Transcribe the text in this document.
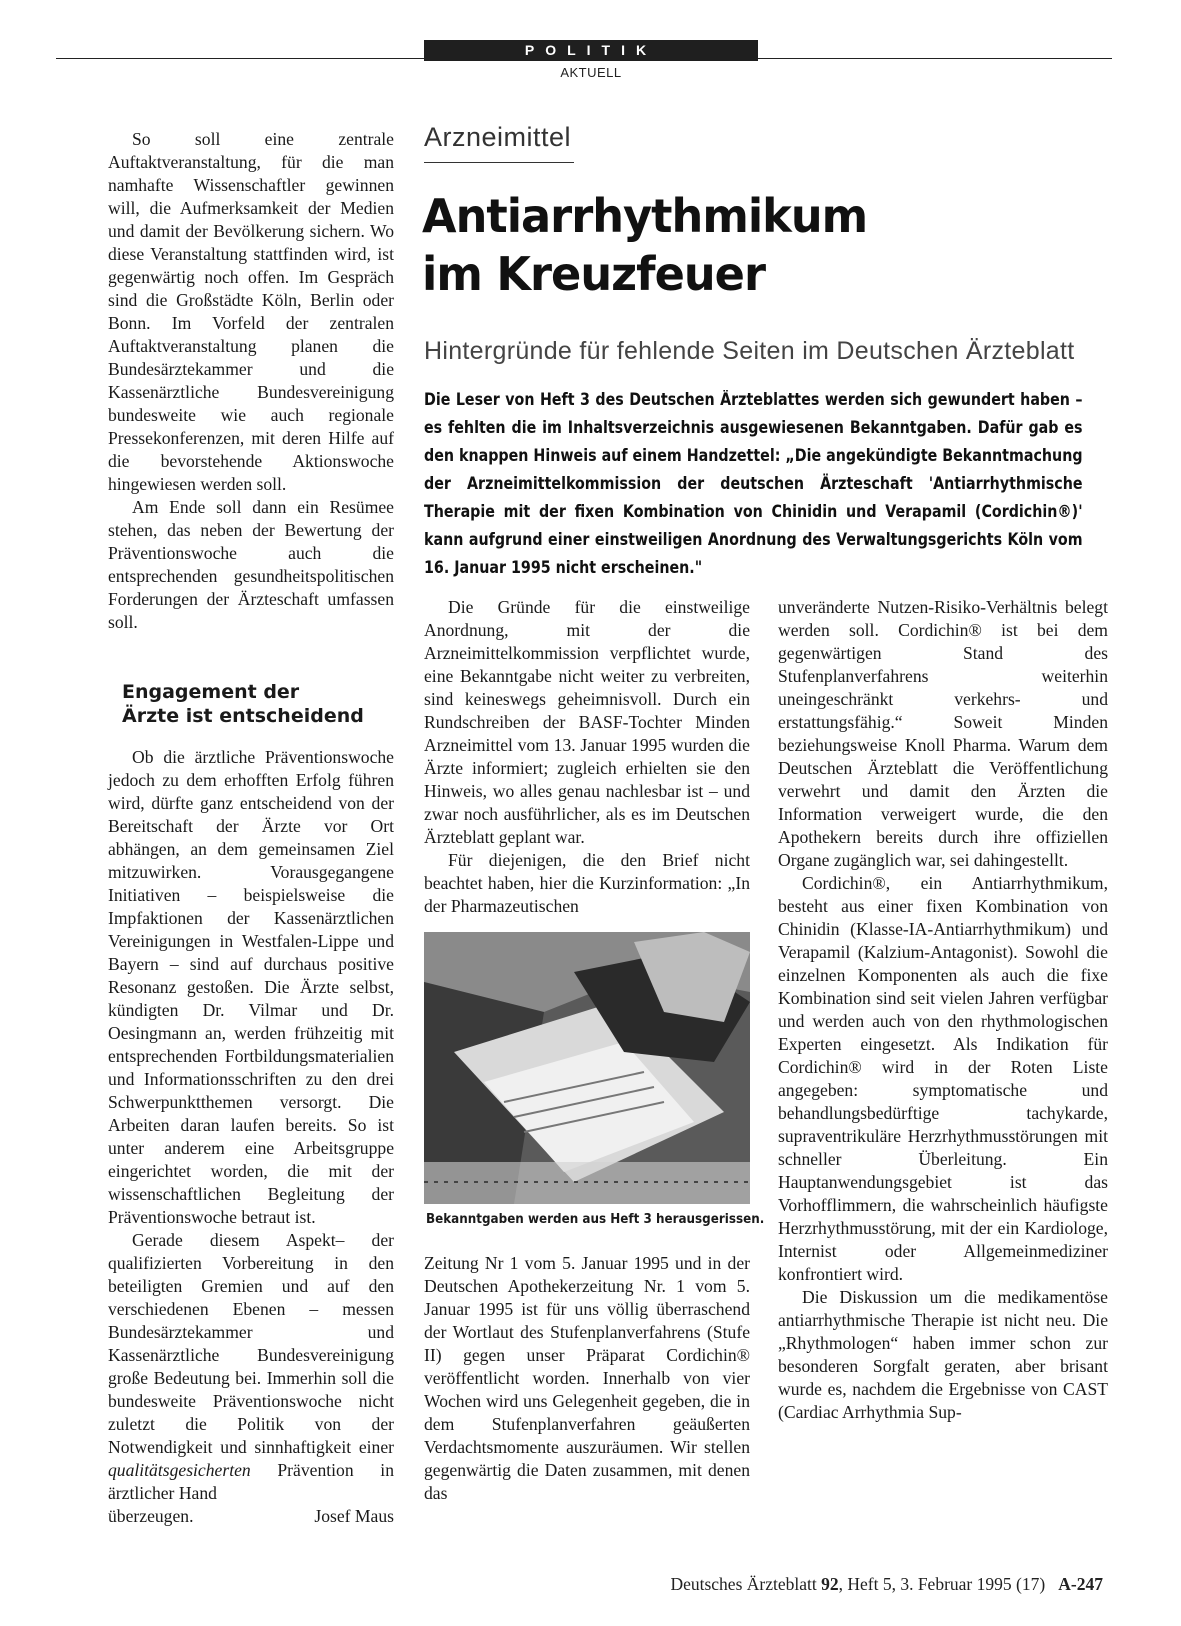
POLITIK
AKTUELL

So soll eine zentrale Auftaktveranstaltung, für die man namhafte Wissenschaftler gewinnen will, die Aufmerksamkeit der Medien und damit der Bevölkerung sichern. Wo diese Veranstaltung stattfinden wird, ist gegenwärtig noch offen. Im Gespräch sind die Großstädte Köln, Berlin oder Bonn. Im Vorfeld der zentralen Auftaktveranstaltung planen die Bundesärztekammer und die Kassenärztliche Bundesvereinigung bundesweite wie auch regionale Pressekonferenzen, mit deren Hilfe auf die bevorstehende Aktionswoche hingewiesen werden soll.

Am Ende soll dann ein Resümee stehen, das neben der Bewertung der Präventionswoche auch die entsprechenden gesundheitspolitischen Forderungen der Ärzteschaft umfassen soll.

Engagement der
Ärzte ist entscheidend

Ob die ärztliche Präventionswoche jedoch zu dem erhofften Erfolg führen wird, dürfte ganz entscheidend von der Bereitschaft der Ärzte vor Ort abhängen, an dem gemeinsamen Ziel mitzuwirken. Vorausgegangene Initiativen – beispielsweise die Impfaktionen der Kassenärztlichen Vereinigungen in Westfalen-Lippe und Bayern – sind auf durchaus positive Resonanz gestoßen. Die Ärzte selbst, kündigten Dr. Vilmar und Dr. Oesingmann an, werden frühzeitig mit entsprechenden Fortbildungsmaterialien und Informationsschriften zu den drei Schwerpunktthemen versorgt. Die Arbeiten daran laufen bereits. So ist unter anderem eine Arbeitsgruppe eingerichtet worden, die mit der wissenschaftlichen Begleitung der Präventionswoche betraut ist.

Gerade diesem Aspekt– der qualifizierten Vorbereitung in den beteiligten Gremien und auf den verschiedenen Ebenen – messen Bundesärztekammer und Kassenärztliche Bundesvereinigung große Bedeutung bei. Immerhin soll die bundesweite Präventionswoche nicht zuletzt die Politik von der Notwendigkeit und sinnhaftigkeit einer qualitätsgesicherten Prävention in ärztlicher Hand

überzeugen.	Josef Maus

Arzneimittel
Antiarrhythmikum
im Kreuzfeuer
Hintergründe für fehlende Seiten im Deutschen Ärzteblatt
Die Leser von Heft 3 des Deutschen Ärzteblattes werden sich gewundert haben – es fehlten die im Inhaltsverzeichnis ausgewiesenen Bekanntgaben. Dafür gab es den knappen Hinweis auf einem Handzettel: „Die angekündigte Bekanntmachung der Arzneimittelkommission der deutschen Ärzteschaft 'Antiarrhythmische Therapie mit der fixen Kombination von Chinidin und Verapamil (Cordichin®)' kann aufgrund einer einstweiligen Anordnung des Verwaltungsgerichts Köln vom 16. Januar 1995 nicht erscheinen."

Die Gründe für die einstweilige Anordnung, mit der die Arzneimittelkommission verpflichtet wurde, eine Bekanntgabe nicht weiter zu verbreiten, sind keineswegs geheimnisvoll. Durch ein Rundschreiben der BASF-Tochter Minden Arzneimittel vom 13. Januar 1995 wurden die Ärzte informiert; zugleich erhielten sie den Hinweis, wo alles genau nachlesbar ist – und zwar noch ausführlicher, als es im Deutschen Ärzteblatt geplant war.

Für diejenigen, die den Brief nicht beachtet haben, hier die Kurzinformation: „In der Pharmazeutischen

Bekanntgaben werden aus Heft 3 herausgerissen.

Zeitung Nr 1 vom 5. Januar 1995 und in der Deutschen Apothekerzeitung Nr. 1 vom 5. Januar 1995 ist für uns völlig überraschend der Wortlaut des Stufenplanverfahrens (Stufe II) gegen unser Präparat Cordichin® veröffentlicht worden. Innerhalb von vier Wochen wird uns Gelegenheit gegeben, die in dem Stufenplanverfahren geäußerten Verdachtsmomente auszuräumen. Wir stellen gegenwärtig die Daten zusammen, mit denen das

unveränderte Nutzen-Risiko-Verhältnis belegt werden soll. Cordichin® ist bei dem gegenwärtigen Stand des Stufenplanverfahrens weiterhin uneingeschränkt verkehrs- und erstattungsfähig.“ Soweit Minden beziehungsweise Knoll Pharma. Warum dem Deutschen Ärzteblatt die Veröffentlichung verwehrt und damit den Ärzten die Information verweigert wurde, die den Apothekern bereits durch ihre offiziellen Organe zugänglich war, sei dahingestellt.

Cordichin®, ein Antiarrhythmikum, besteht aus einer fixen Kombination von Chinidin (Klasse-IA-Antiarrhythmikum) und Verapamil (Kalzium-Antagonist). Sowohl die einzelnen Komponenten als auch die fixe Kombination sind seit vielen Jahren verfügbar und werden auch von den rhythmologischen Experten eingesetzt. Als Indikation für Cordichin® wird in der Roten Liste angegeben: symptomatische und behandlungsbedürftige tachykarde, supraventrikuläre Herzrhythmusstörungen mit schneller Überleitung. Ein Hauptanwendungsgebiet ist das Vorhofflimmern, die wahrscheinlich häufigste Herzrhythmusstörung, mit der ein Kardiologe, Internist oder Allgemeinmediziner konfrontiert wird.

Die Diskussion um die medikamentöse antiarrhythmische Therapie ist nicht neu. Die „Rhythmologen“ haben immer schon zur besonderen Sorgfalt geraten, aber brisant wurde es, nachdem die Ergebnisse von CAST (Cardiac Arrhythmia Sup-

Deutsches Ärzteblatt 92, Heft 5, 3. Februar 1995 (17) A-247
